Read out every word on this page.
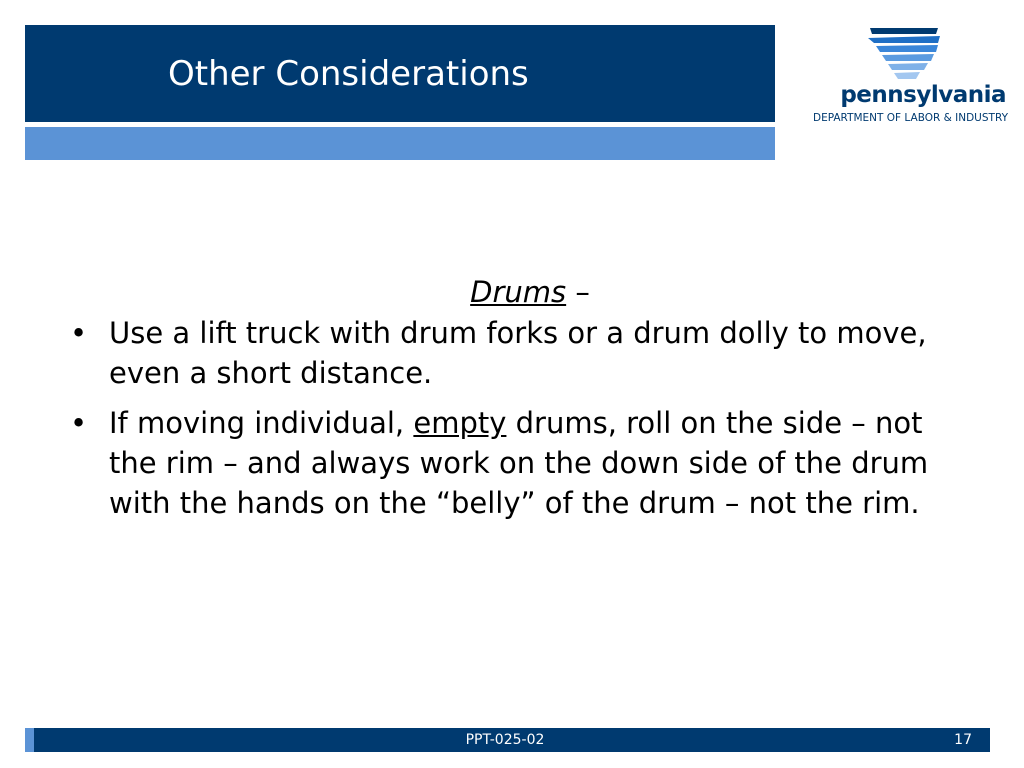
Other Considerations
pennsylvania
DEPARTMENT OF LABOR & INDUSTRY
Drums –
• Use a lift truck with drum forks or a drum dolly to move, even a short distance.
• If moving individual, empty drums, roll on the side – not the rim – and always work on the down side of the drum with the hands on the “belly” of the drum – not the rim.
PPT-025-02	17
